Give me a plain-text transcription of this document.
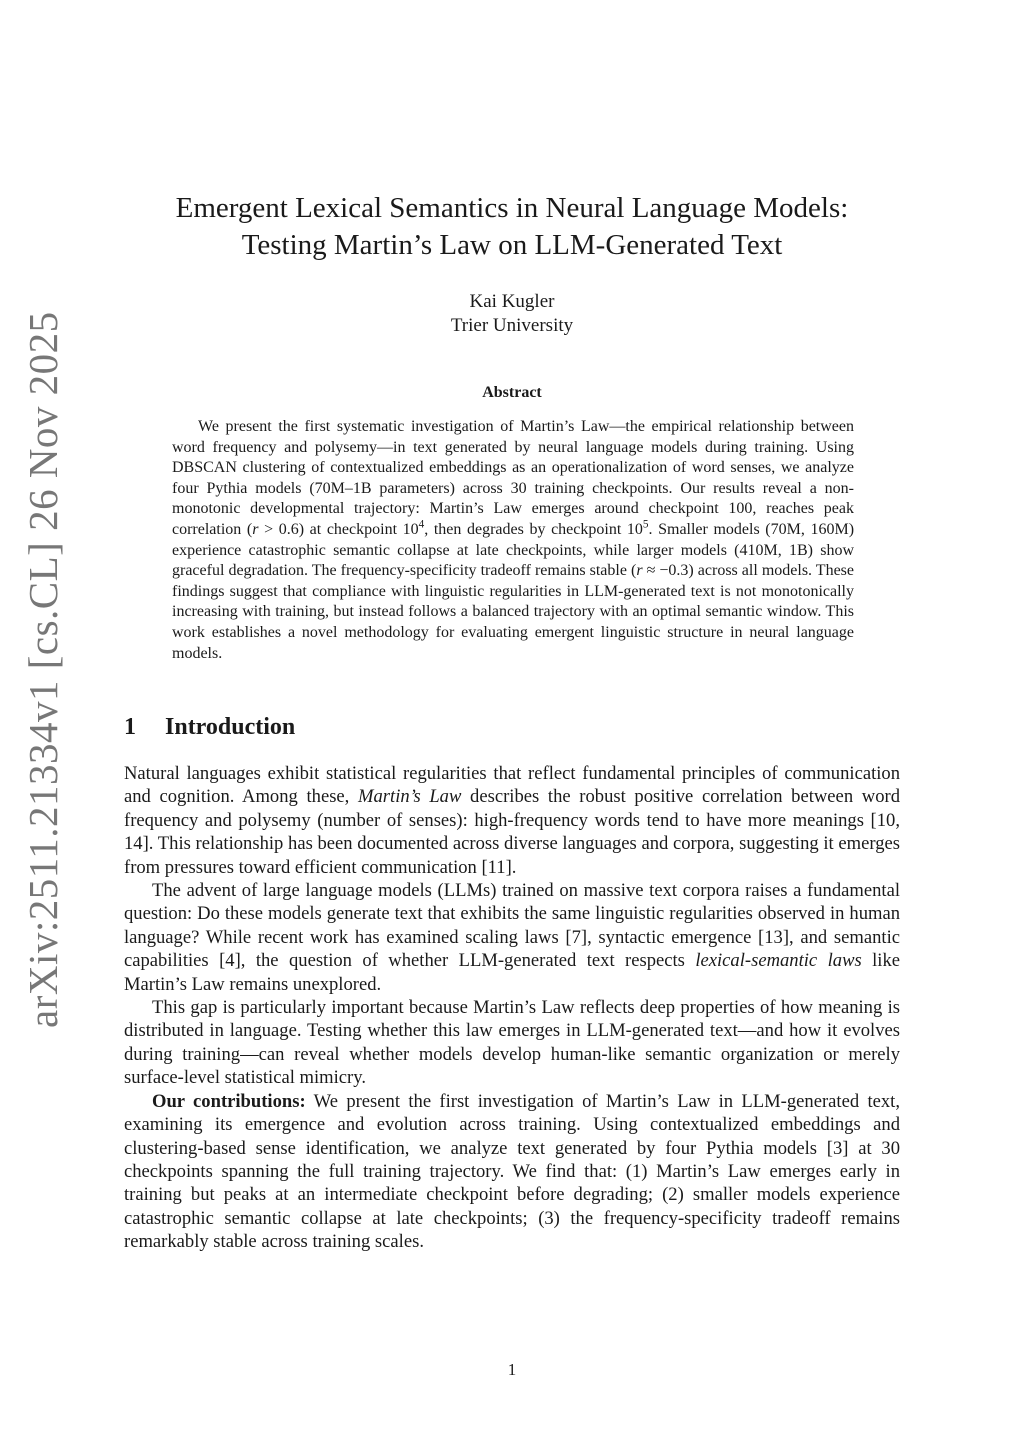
arXiv:2511.21334v1 [cs.CL] 26 Nov 2025
Emergent Lexical Semantics in Neural Language Models:
Testing Martin’s Law on LLM-Generated Text
Kai Kugler
Trier University
Abstract

We present the first systematic investigation of Martin’s Law—the empirical relationship between word frequency and polysemy—in text generated by neural language models during training. Using DBSCAN clustering of contextualized embeddings as an operationalization of word senses, we analyze four Pythia models (70M–1B parameters) across 30 training checkpoints. Our results reveal a non-monotonic developmental trajectory: Martin’s Law emerges around checkpoint 100, reaches peak correlation (r > 0.6) at checkpoint $10^4$, then degrades by checkpoint $10^5$. Smaller models (70M, 160M) experience catastrophic semantic collapse at late checkpoints, while larger models (410M, 1B) show graceful degradation. The frequency-specificity tradeoff remains stable (r ≈ −0.3) across all models. These findings suggest that compliance with linguistic regularities in LLM-generated text is not monotonically increasing with training, but instead follows a balanced trajectory with an optimal semantic window. This work establishes a novel methodology for evaluating emergent linguistic structure in neural language models.

1 Introduction

Natural languages exhibit statistical regularities that reflect fundamental principles of communication and cognition. Among these, Martin’s Law describes the robust positive correlation between word frequency and polysemy (number of senses): high-frequency words tend to have more meanings [10, 14]. This relationship has been documented across diverse languages and corpora, suggesting it emerges from pressures toward efficient communication [11].

The advent of large language models (LLMs) trained on massive text corpora raises a fundamental question: Do these models generate text that exhibits the same linguistic regularities observed in human language? While recent work has examined scaling laws [7], syntactic emergence [13], and semantic capabilities [4], the question of whether LLM-generated text respects lexical-semantic laws like Martin’s Law remains unexplored.

This gap is particularly important because Martin’s Law reflects deep properties of how meaning is distributed in language. Testing whether this law emerges in LLM-generated text—and how it evolves during training—can reveal whether models develop human-like semantic organization or merely surface-level statistical mimicry.

Our contributions: We present the first investigation of Martin’s Law in LLM-generated text, examining its emergence and evolution across training. Using contextualized embeddings and clustering-based sense identification, we analyze text generated by four Pythia models [3] at 30 checkpoints spanning the full training trajectory. We find that: (1) Martin’s Law emerges early in training but peaks at an intermediate checkpoint before degrading; (2) smaller models experience catastrophic semantic collapse at late checkpoints; (3) the frequency-specificity tradeoff remains remarkably stable across training scales.

1
